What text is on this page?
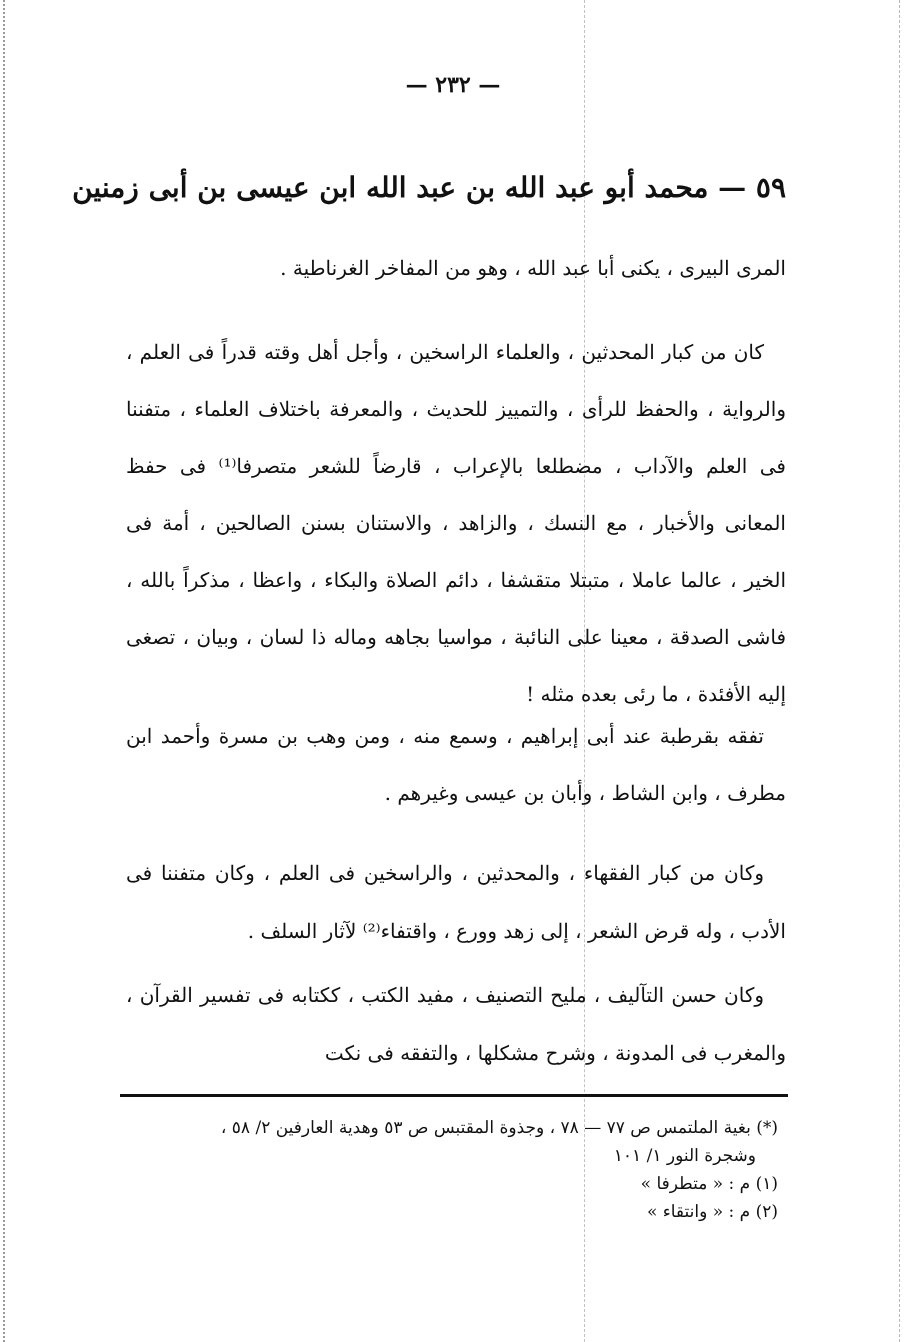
— ٢٣٢ —
٥٩ — محمد أبو عبد الله بن عبد الله ابن عيسى بن أبى زمنين
المرى البيرى ، يكنى أبا عبد الله ، وهو من المفاخر الغرناطية .

كان من كبار المحدثين ، والعلماء الراسخين ، وأجل أهل وقته قدراً فى العلم ، والرواية ، والحفظ للرأى ، والتمييز للحديث ، والمعرفة باختلاف العلماء ، متفننا فى العلم والآداب ، مضطلعا بالإعراب ، قارضاً للشعر متصرفا⁽¹⁾ فى حفظ المعانى والأخبار ، مع النسك ، والزاهد ، والاستنان بسنن الصالحين ، أمة فى الخير ، عالما عاملا ، متبتلا متقشفا ، دائم الصلاة والبكاء ، واعظا ، مذكراً بالله ، فاشى الصدقة ، معينا على النائبة ، مواسيا بجاهه وماله ذا لسان ، وبيان ، تصغى إليه الأفئدة ، ما رئى بعده مثله !

تفقه بقرطبة عند أبى إبراهيم ، وسمع منه ، ومن وهب بن مسرة وأحمد ابن مطرف ، وابن الشاط ، وأبان بن عيسى وغيرهم .

وكان من كبار الفقهاء ، والمحدثين ، والراسخين فى العلم ، وكان متفننا فى الأدب ، وله قرض الشعر ، إلى زهد وورع ، واقتفاء⁽²⁾ لآثار السلف .

وكان حسن التآليف ، مليح التصنيف ، مفيد الكتب ، ككتابه فى تفسير القرآن ، والمغرب فى المدونة ، وشرح مشكلها ، والتفقه فى نكت

(*) بغية الملتمس ص ٧٧ — ٧٨ ، وجذوة المقتبس ص ٥٣ وهدية العارفين ٢/ ٥٨ ،

وشجرة النور ١/ ١٠١

(١) م : « متطرفا »

(٢) م : « وانتقاء »
